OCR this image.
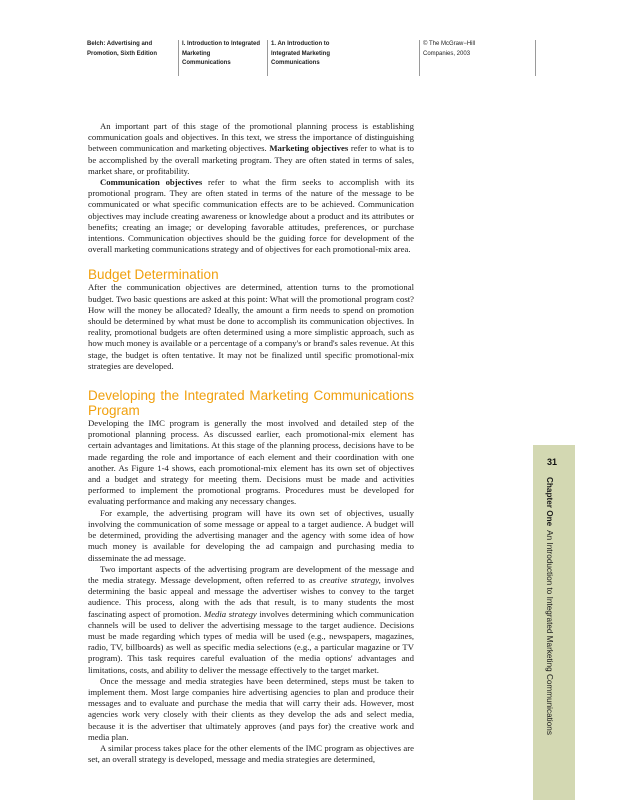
Belch: Advertising and
Promotion, Sixth Edition
I. Introduction to Integrated
Marketing
Communications
1. An Introduction to
Integrated Marketing
Communications
© The McGraw−Hill
Companies, 2003

An important part of this stage of the promotional planning process is establishing communication goals and objectives. In this text, we stress the importance of distinguishing between communication and marketing objectives. Marketing objectives refer to what is to be accomplished by the overall marketing program. They are often stated in terms of sales, market share, or profitability.

Communication objectives refer to what the firm seeks to accomplish with its promotional program. They are often stated in terms of the nature of the message to be communicated or what specific communication effects are to be achieved. Communication objectives may include creating awareness or knowledge about a product and its attributes or benefits; creating an image; or developing favorable attitudes, preferences, or purchase intentions. Communication objectives should be the guiding force for development of the overall marketing communications strategy and of objectives for each promotional-mix area.

Budget Determination

After the communication objectives are determined, attention turns to the promotional budget. Two basic questions are asked at this point: What will the promotional program cost? How will the money be allocated? Ideally, the amount a firm needs to spend on promotion should be determined by what must be done to accomplish its communication objectives. In reality, promotional budgets are often determined using a more simplistic approach, such as how much money is available or a percentage of a company's or brand's sales revenue. At this stage, the budget is often tentative. It may not be finalized until specific promotional-mix strategies are developed.

Developing the Integrated Marketing Communications Program

Developing the IMC program is generally the most involved and detailed step of the promotional planning process. As discussed earlier, each promotional-mix element has certain advantages and limitations. At this stage of the planning process, decisions have to be made regarding the role and importance of each element and their coordination with one another. As Figure 1-4 shows, each promotional-mix element has its own set of objectives and a budget and strategy for meeting them. Decisions must be made and activities performed to implement the promotional programs. Procedures must be developed for evaluating performance and making any necessary changes.

For example, the advertising program will have its own set of objectives, usually involving the communication of some message or appeal to a target audience. A budget will be determined, providing the advertising manager and the agency with some idea of how much money is available for developing the ad campaign and purchasing media to disseminate the ad message.

Two important aspects of the advertising program are development of the message and the media strategy. Message development, often referred to as creative strategy, involves determining the basic appeal and message the advertiser wishes to convey to the target audience. This process, along with the ads that result, is to many students the most fascinating aspect of promotion. Media strategy involves determining which communication channels will be used to deliver the advertising message to the target audience. Decisions must be made regarding which types of media will be used (e.g., newspapers, magazines, radio, TV, billboards) as well as specific media selections (e.g., a particular magazine or TV program). This task requires careful evaluation of the media options' advantages and limitations, costs, and ability to deliver the message effectively to the target market.

Once the message and media strategies have been determined, steps must be taken to implement them. Most large companies hire advertising agencies to plan and produce their messages and to evaluate and purchase the media that will carry their ads. However, most agencies work very closely with their clients as they develop the ads and select media, because it is the advertiser that ultimately approves (and pays for) the creative work and media plan.

A similar process takes place for the other elements of the IMC program as objectives are set, an overall strategy is developed, message and media strategies are determined,

31
Chapter OneAn Introduction to Integrated Marketing Communications
